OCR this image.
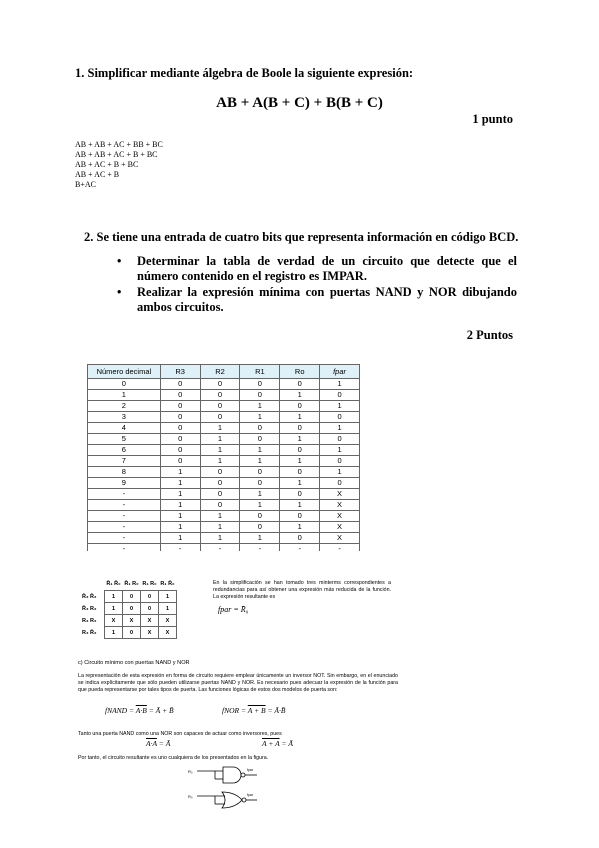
1. Simplificar mediante álgebra de Boole la siguiente expresión:
AB + A(B + C) + B(B + C)
1 punto
AB + AB + AC + BB + BC
AB + AB + AC + B + BC
AB + AC + B + BC
AB + AC + B
B+AC
2. Se tiene una entrada de cuatro bits que representa información en código BCD.
• Determinar la tabla de verdad de un circuito que detecte que el número contenido en el registro es IMPAR.
• Realizar la expresión mínima con puertas NAND y NOR dibujando ambos circuitos.
2 Puntos
Número decimal	R3	R2	R1	Ro	fpar
0	0	0	0	0	1
1	0	0	0	1	0
2	0	0	1	0	1
3	0	0	1	1	0
4	0	1	0	0	1
5	0	1	0	1	0
6	0	1	1	0	1
7	0	1	1	1	0
8	1	0	0	0	1
9	1	0	0	1	0
-	1	0	1	0	X
-	1	0	1	1	X
-	1	1	0	0	X
-	1	1	0	1	X
-	1	1	1	0	X
-	-	-	-	-	-
	R̄₁ R̄₀	R̄₁ R₀	R₁ R₀	R₁ R̄₀
R̄₃ R̄₂	1	0	0	1
R̄₃ R₂	1	0	0	1
R₃ R₂	X	X	X	X
R₃ R̄₂	1	0	X	X
En la simplificación se han tomado tres minterms correspondientes a redundancias para así obtener una expresión más reducida de la función. La expresión resultante es
fpar = R̄₀
c) Circuito mínimo con puertas NAND y NOR
La representación de esta expresión en forma de circuito requiere emplear únicamente un inversor NOT. Sin embargo, en el enunciado se indica explícitamente que sólo pueden utilizarse puertas NAND y NOR. Es necesario pues adecuar la expresión de la función para que pueda representarse por tales tipos de puerta. Las funciones lógicas de estos dos modelos de puerta son:
fNAND = A·B = Ā + B̄	fNOR = A + B = Ā·B̄
Tanto una puerta NAND como una NOR son capaces de actuar como inversores, pues
A·A = Ā	A + A = Ā
Por tanto, el circuito resultante es uno cualquiera de los presentados en la figura.
R₀	fpar
R₀	fpar
